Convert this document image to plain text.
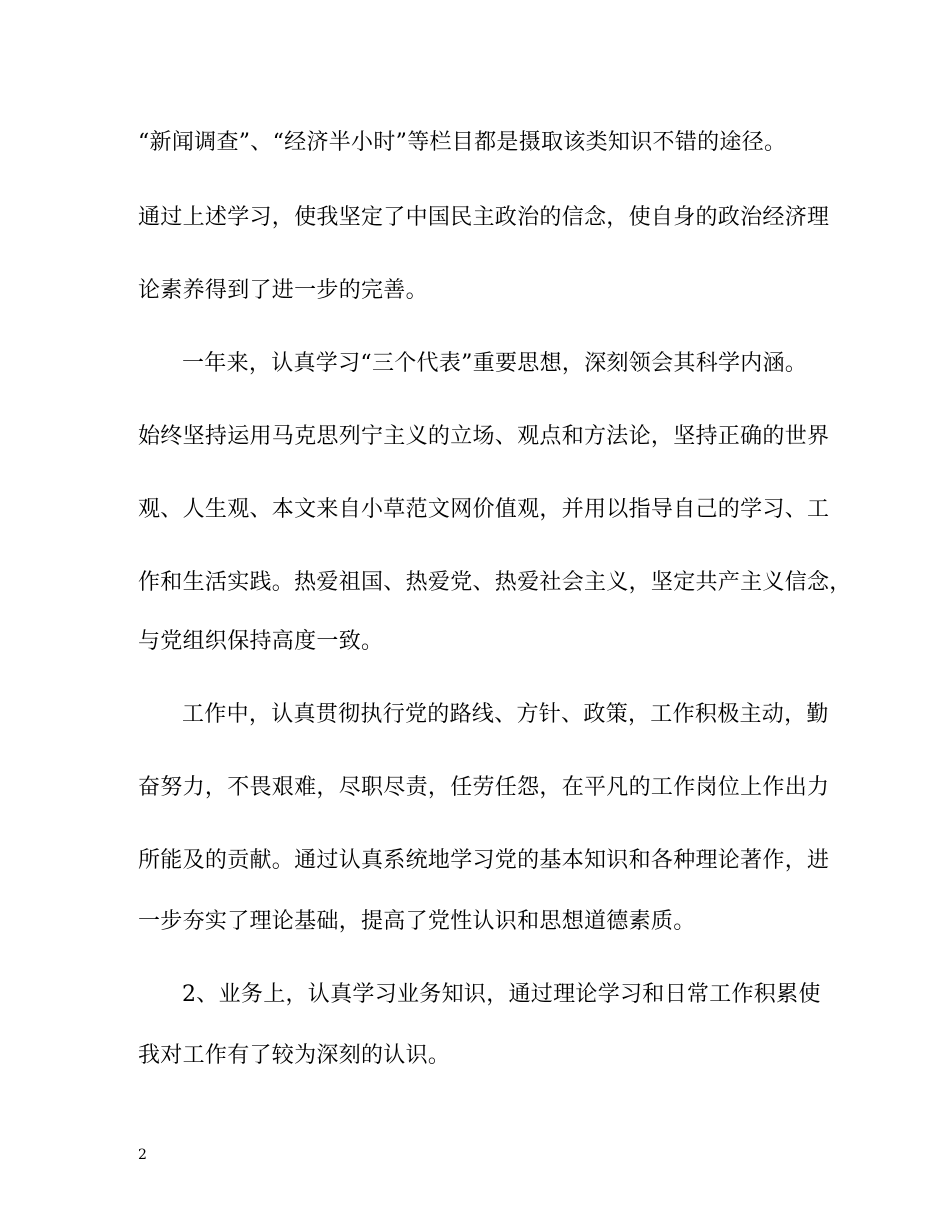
“新闻调查”、“经济半小时”等栏目都是摄取该类知识不错的途径。
通过上述学习，使我坚定了中国民主政治的信念，使自身的政治经济理
论素养得到了进一步的完善。
一年来，认真学习“三个代表”重要思想，深刻领会其科学内涵。
始终坚持运用马克思列宁主义的立场、观点和方法论，坚持正确的世界
观、人生观、本文来自小草范文网价值观，并用以指导自己的学习、工
作和生活实践。热爱祖国、热爱党、热爱社会主义，坚定共产主义信念，
与党组织保持高度一致。
工作中，认真贯彻执行党的路线、方针、政策，工作积极主动，勤
奋努力，不畏艰难，尽职尽责，任劳任怨，在平凡的工作岗位上作出力
所能及的贡献。通过认真系统地学习党的基本知识和各种理论著作，进
一步夯实了理论基础，提高了党性认识和思想道德素质。
2、业务上，认真学习业务知识，通过理论学习和日常工作积累使
我对工作有了较为深刻的认识。
2
